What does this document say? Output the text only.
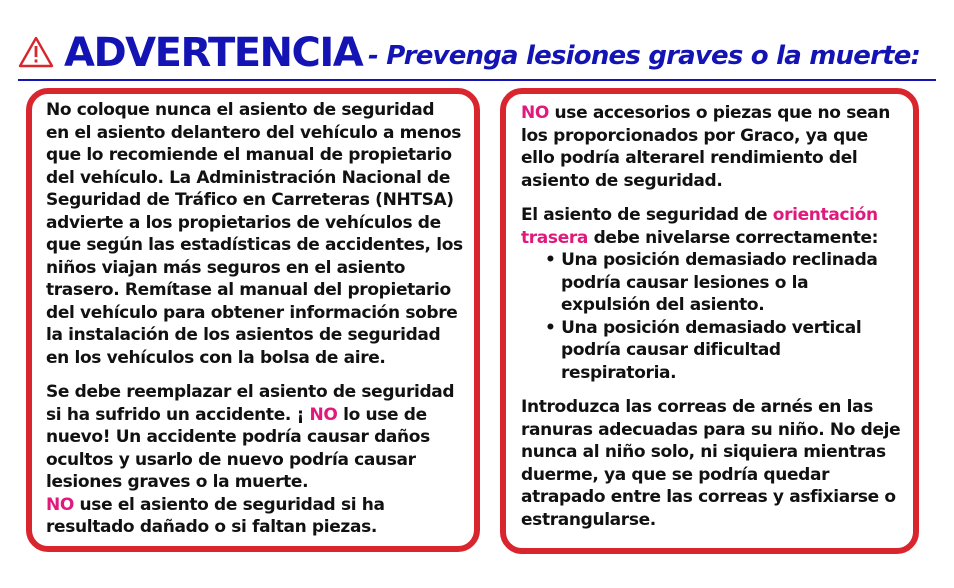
ADVERTENCIA - Prevenga lesiones graves o la muerte:

No coloque nunca el asiento de seguridad

en el asiento delantero del vehículo a menos

que lo recomiende el manual de propietario

del vehículo. La Administración Nacional de

Seguridad de Tráfico en Carreteras (NHTSA)

advierte a los propietarios de vehículos de

que según las estadísticas de accidentes, los

niños viajan más seguros en el asiento

trasero. Remítase al manual del propietario

del vehículo para obtener información sobre

la instalación de los asientos de seguridad

en los vehículos con la bolsa de aire.

Se debe reemplazar el asiento de seguridad

si ha sufrido un accidente. ¡ NO lo use de

nuevo! Un accidente podría causar daños

ocultos y usarlo de nuevo podría causar

lesiones graves o la muerte.

NO use el asiento de seguridad si ha

resultado dañado o si faltan piezas.

NO use accesorios o piezas que no sean

los proporcionados por Graco, ya que

ello podría alterarel rendimiento del

asiento de seguridad.

El asiento de seguridad de orientación

trasera debe nivelarse correctamente:

• Una posición demasiado reclinada

podría causar lesiones o la

expulsión del asiento.

• Una posición demasiado vertical

podría causar dificultad

respiratoria.

Introduzca las correas de arnés en las

ranuras adecuadas para su niño. No deje

nunca al niño solo, ni siquiera mientras

duerme, ya que se podría quedar

atrapado entre las correas y asfixiarse o

estrangularse.
